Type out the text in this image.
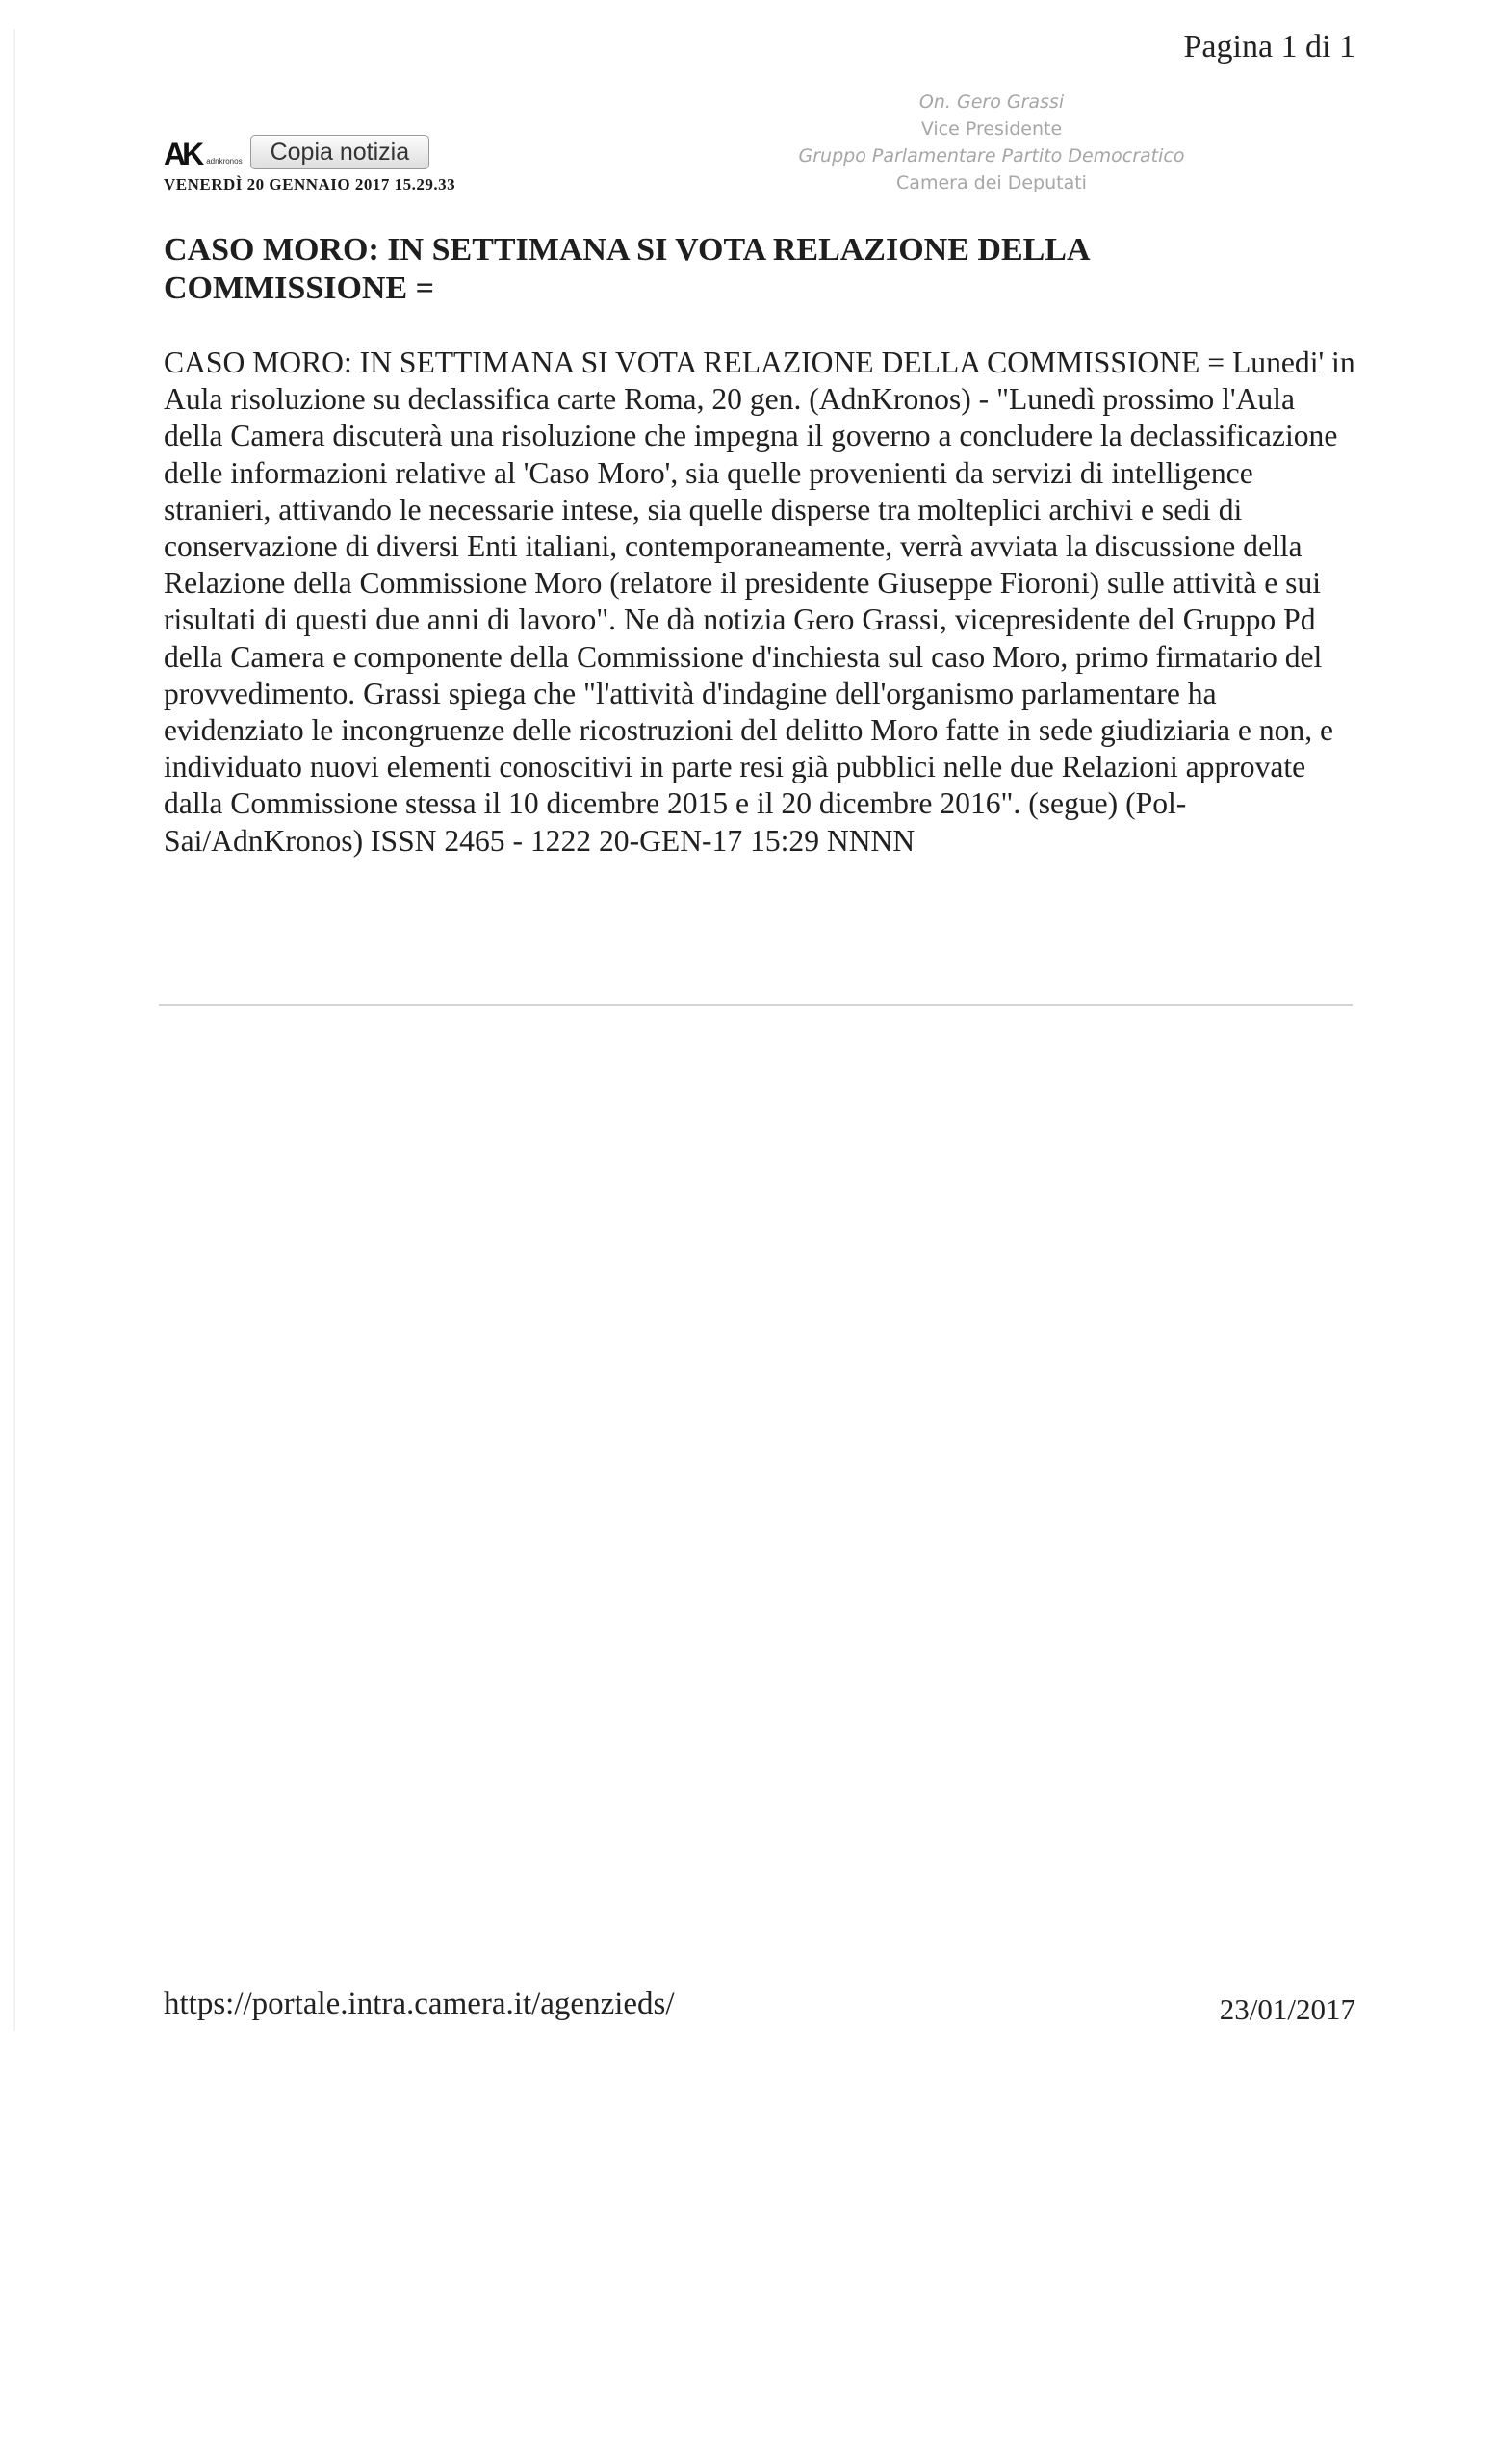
Pagina 1 di 1
AK adnkronos	Copia notizia
VENERDÌ 20 GENNAIO 2017 15.29.33
On. Gero Grassi
Vice Presidente
Gruppo Parlamentare Partito Democratico
Camera dei Deputati
CASO MORO: IN SETTIMANA SI VOTA RELAZIONE DELLA COMMISSIONE =
CASO MORO: IN SETTIMANA SI VOTA RELAZIONE DELLA COMMISSIONE = Lunedi' in Aula risoluzione su declassifica carte Roma, 20 gen. (AdnKronos) - "Lunedì prossimo l'Aula della Camera discuterà una risoluzione che impegna il governo a concludere la declassificazione delle informazioni relative al 'Caso Moro', sia quelle provenienti da servizi di intelligence stranieri, attivando le necessarie intese, sia quelle disperse tra molteplici archivi e sedi di conservazione di diversi Enti italiani, contemporaneamente, verrà avviata la discussione della Relazione della Commissione Moro (relatore il presidente Giuseppe Fioroni) sulle attività e sui risultati di questi due anni di lavoro". Ne dà notizia Gero Grassi, vicepresidente del Gruppo Pd della Camera e componente della Commissione d'inchiesta sul caso Moro, primo firmatario del provvedimento. Grassi spiega che "l'attività d'indagine dell'organismo parlamentare ha evidenziato le incongruenze delle ricostruzioni del delitto Moro fatte in sede giudiziaria e non, e individuato nuovi elementi conoscitivi in parte resi già pubblici nelle due Relazioni approvate dalla Commissione stessa il 10 dicembre 2015 e il 20 dicembre 2016". (segue) (Pol-Sai/AdnKronos) ISSN 2465 - 1222 20-GEN-17 15:29 NNNN
https://portale.intra.camera.it/agenzieds/	23/01/2017
